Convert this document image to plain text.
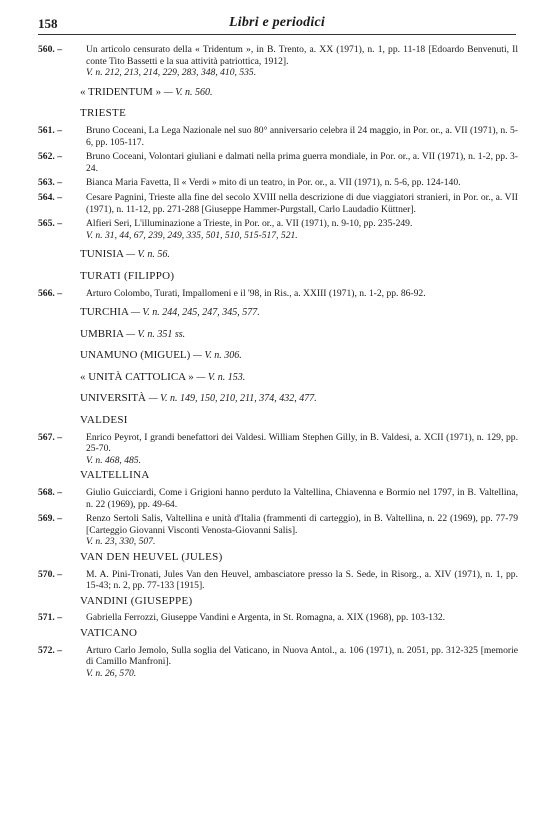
158	Libri e periodici
560. –	Un articolo censurato della « Tridentum », in B. Trento, a. XX (1971), n. 1, pp. 11-18 [Edoardo Benvenuti, Il conte Tito Bassetti e la sua attività patriottica, 1912].
V. n. 212, 213, 214, 229, 283, 348, 410, 535.
« TRIDENTUM » — V. n. 560.
TRIESTE
561. –	Bruno Coceani, La Lega Nazionale nel suo 80° anniversario celebra il 24 maggio, in Por. or., a. VII (1971), n. 5-6, pp. 105-117.
562. –	Bruno Coceani, Volontari giuliani e dalmati nella prima guerra mondiale, in Por. or., a. VII (1971), n. 1-2, pp. 3-24.
563. –	Bianca Maria Favetta, Il « Verdi » mito di un teatro, in Por. or., a. VII (1971), n. 5-6, pp. 124-140.
564. –	Cesare Pagnini, Trieste alla fine del secolo XVIII nella descrizione di due viaggiatori stranieri, in Por. or., a. VII (1971), n. 11-12, pp. 271-288 [Giuseppe Hammer-Purgstall, Carlo Laudadio Küttner].
565. –	Alfieri Seri, L'illuminazione a Trieste, in Por. or., a. VII (1971), n. 9-10, pp. 235-249.
V. n. 31, 44, 67, 239, 249, 335, 501, 510, 515-517, 521.
TUNISIA — V. n. 56.
TURATI (FILIPPO)
566. –	Arturo Colombo, Turati, Impallomeni e il '98, in Ris., a. XXIII (1971), n. 1-2, pp. 86-92.
TURCHIA — V. n. 244, 245, 247, 345, 577.
UMBRIA — V. n. 351 ss.
UNAMUNO (MIGUEL) — V. n. 306.
« UNITÀ CATTOLICA » — V. n. 153.
UNIVERSITÀ — V. n. 149, 150, 210, 211, 374, 432, 477.
VALDESI
567. –	Enrico Peyrot, I grandi benefattori dei Valdesi. William Stephen Gilly, in B. Valdesi, a. XCII (1971), n. 129, pp. 25-70.
V. n. 468, 485.
VALTELLINA
568. –	Giulio Guicciardi, Come i Grigioni hanno perduto la Valtellina, Chiavenna e Bormio nel 1797, in B. Valtellina, n. 22 (1969), pp. 49-64.
569. –	Renzo Sertoli Salis, Valtellina e unità d'Italia (frammenti di carteggio), in B. Valtellina, n. 22 (1969), pp. 77-79 [Carteggio Giovanni Visconti Venosta-Giovanni Salis].
V. n. 23, 330, 507.
VAN DEN HEUVEL (JULES)
570. –	M. A. Pini-Tronati, Jules Van den Heuvel, ambasciatore presso la S. Sede, in Risorg., a. XIV (1971), n. 1, pp. 15-43; n. 2, pp. 77-133 [1915].
VANDINI (GIUSEPPE)
571. –	Gabriella Ferrozzi, Giuseppe Vandini e Argenta, in St. Romagna, a. XIX (1968), pp. 103-132.
VATICANO
572. –	Arturo Carlo Jemolo, Sulla soglia del Vaticano, in Nuova Antol., a. 106 (1971), n. 2051, pp. 312-325 [memorie di Camillo Manfroni].
V. n. 26, 570.
